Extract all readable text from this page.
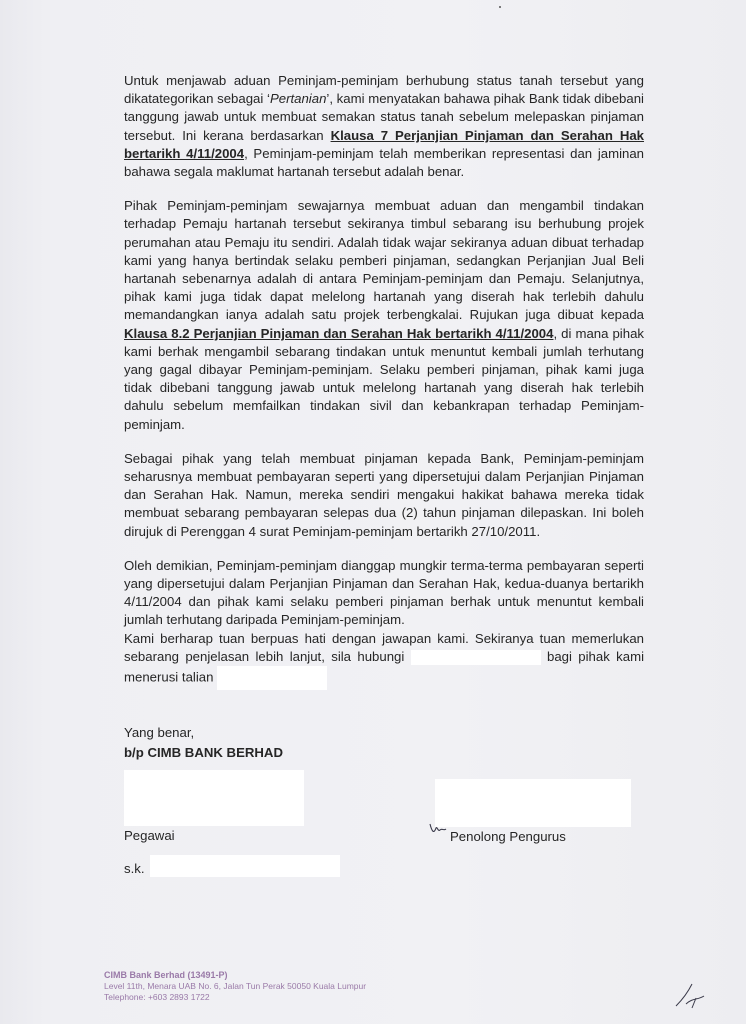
Untuk menjawab aduan Peminjam-peminjam berhubung status tanah tersebut yang dikatategorikan sebagai ‘Pertanian’, kami menyatakan bahawa pihak Bank tidak dibebani tanggung jawab untuk membuat semakan status tanah sebelum melepaskan pinjaman tersebut. Ini kerana berdasarkan Klausa 7 Perjanjian Pinjaman dan Serahan Hak bertarikh 4/11/2004, Peminjam-peminjam telah memberikan representasi dan jaminan bahawa segala maklumat hartanah tersebut adalah benar.

Pihak Peminjam-peminjam sewajarnya membuat aduan dan mengambil tindakan terhadap Pemaju hartanah tersebut sekiranya timbul sebarang isu berhubung projek perumahan atau Pemaju itu sendiri. Adalah tidak wajar sekiranya aduan dibuat terhadap kami yang hanya bertindak selaku pemberi pinjaman, sedangkan Perjanjian Jual Beli hartanah sebenarnya adalah di antara Peminjam-peminjam dan Pemaju. Selanjutnya, pihak kami juga tidak dapat melelong hartanah yang diserah hak terlebih dahulu memandangkan ianya adalah satu projek terbengkalai. Rujukan juga dibuat kepada Klausa 8.2 Perjanjian Pinjaman dan Serahan Hak bertarikh 4/11/2004, di mana pihak kami berhak mengambil sebarang tindakan untuk menuntut kembali jumlah terhutang yang gagal dibayar Peminjam-peminjam. Selaku pemberi pinjaman, pihak kami juga tidak dibebani tanggung jawab untuk melelong hartanah yang diserah hak terlebih dahulu sebelum memfailkan tindakan sivil dan kebankrapan terhadap Peminjam-peminjam.

Sebagai pihak yang telah membuat pinjaman kepada Bank, Peminjam-peminjam seharusnya membuat pembayaran seperti yang dipersetujui dalam Perjanjian Pinjaman dan Serahan Hak. Namun, mereka sendiri mengakui hakikat bahawa mereka tidak membuat sebarang pembayaran selepas dua (2) tahun pinjaman dilepaskan. Ini boleh dirujuk di Perenggan 4 surat Peminjam-peminjam bertarikh 27/10/2011.

Oleh demikian, Peminjam-peminjam dianggap mungkir terma-terma pembayaran seperti yang dipersetujui dalam Perjanjian Pinjaman dan Serahan Hak, kedua-duanya bertarikh 4/11/2004 dan pihak kami selaku pemberi pinjaman berhak untuk menuntut kembali jumlah terhutang daripada Peminjam-peminjam.

Kami berharap tuan berpuas hati dengan jawapan kami. Sekiranya tuan memerlukan sebarang penjelasan lebih lanjut, sila hubungi	bagi pihak kami menerusi talian

Yang benar,
b/p CIMB BANK BERHAD
Pegawai	Penolong Pengurus
s.k.
CIMB Bank Berhad (13491-P)
Level 11th, Menara UAB No. 6, Jalan Tun Perak 50050 Kuala Lumpur
Telephone: +603 2893 1722
